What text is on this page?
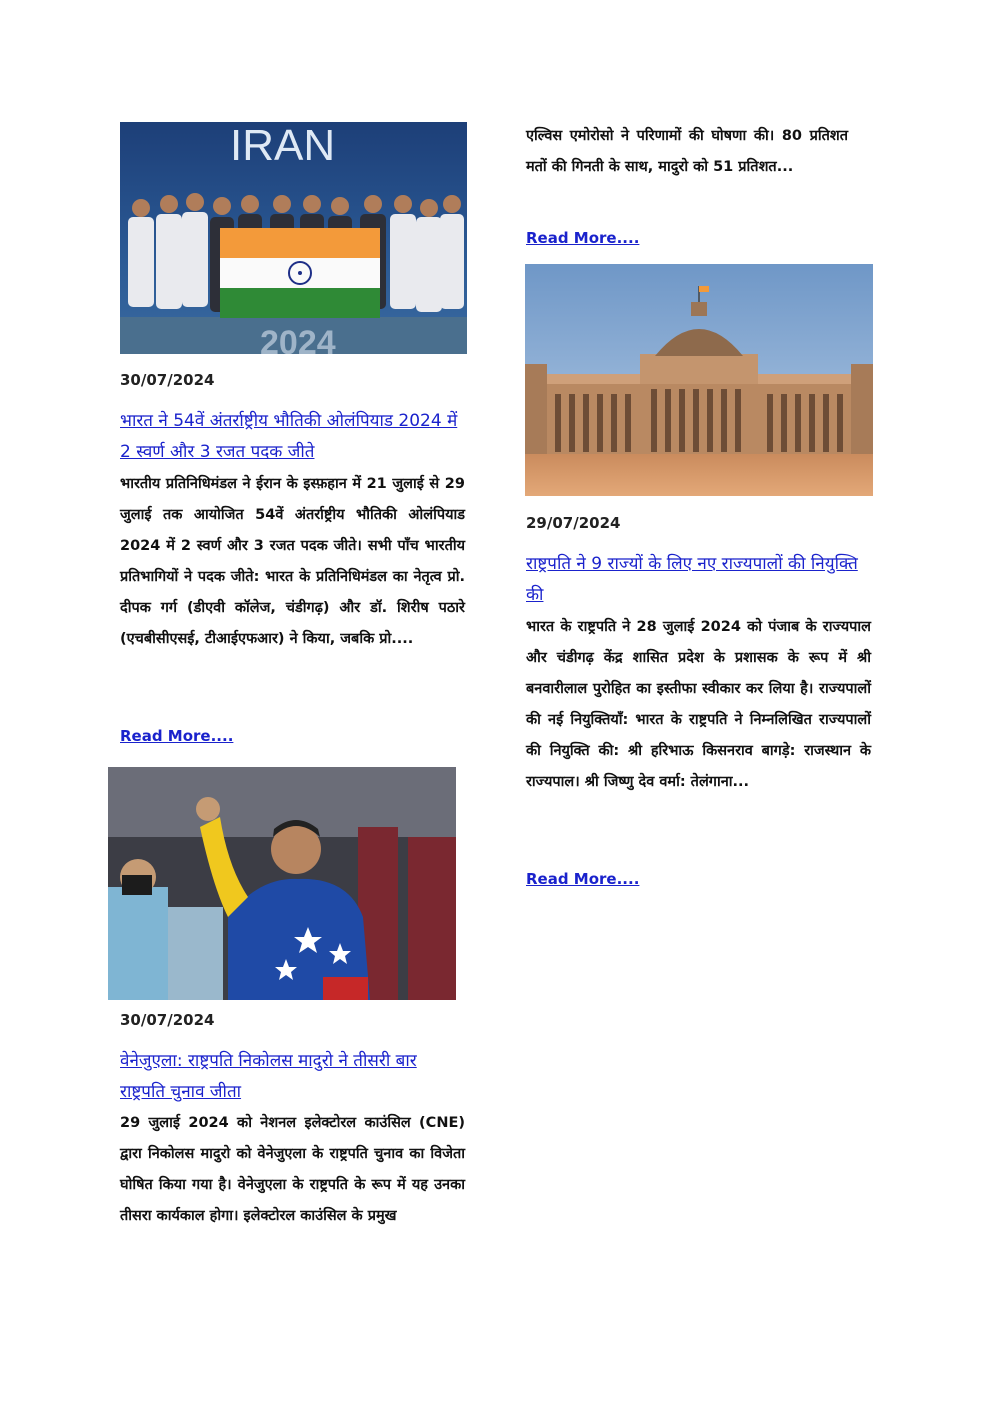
IRAN
2024
30/07/2024
भारत ने 54वें अंतर्राष्ट्रीय भौतिकी ओलंपियाड 2024 में 2 स्वर्ण और 3 रजत पदक जीते

भारतीय प्रतिनिधिमंडल ने ईरान के इस्फ़हान में 21 जुलाई से 29 जुलाई तक आयोजित 54वें अंतर्राष्ट्रीय भौतिकी ओलंपियाड 2024 में 2 स्वर्ण और 3 रजत पदक जीते। सभी पाँच भारतीय प्रतिभागियों ने पदक जीते: भारत के प्रतिनिधिमंडल का नेतृत्व प्रो. दीपक गर्ग (डीएवी कॉलेज, चंडीगढ़) और डॉ. शिरीष पठारे (एचबीसीएसई, टीआईएफआर) ने किया, जबकि प्रो....

Read More....
30/07/2024
वेनेजुएला: राष्ट्रपति निकोलस मादुरो ने तीसरी बार राष्ट्रपति चुनाव जीता

29 जुलाई 2024 को नेशनल इलेक्टोरल काउंसिल (CNE) द्वारा निकोलस मादुरो को वेनेजुएला के राष्ट्रपति चुनाव का विजेता घोषित किया गया है। वेनेजुएला के राष्ट्रपति के रूप में यह उनका तीसरा कार्यकाल होगा। इलेक्टोरल काउंसिल के प्रमुख

एल्विस एमोरोसो ने परिणामों की घोषणा की। 80 प्रतिशत मतों की गिनती के साथ, मादुरो को 51 प्रतिशत...

Read More....
29/07/2024
राष्ट्रपति ने 9 राज्यों के लिए नए राज्यपालों की नियुक्ति की

भारत के राष्ट्रपति ने 28 जुलाई 2024 को पंजाब के राज्यपाल और चंडीगढ़ केंद्र शासित प्रदेश के प्रशासक के रूप में श्री बनवारीलाल पुरोहित का इस्तीफा स्वीकार कर लिया है। राज्यपालों की नई नियुक्तियाँ: भारत के राष्ट्रपति ने निम्नलिखित राज्यपालों की नियुक्ति की: श्री हरिभाऊ किसनराव बागड़े: राजस्थान के राज्यपाल। श्री जिष्णु देव वर्मा: तेलंगाना...

Read More....
